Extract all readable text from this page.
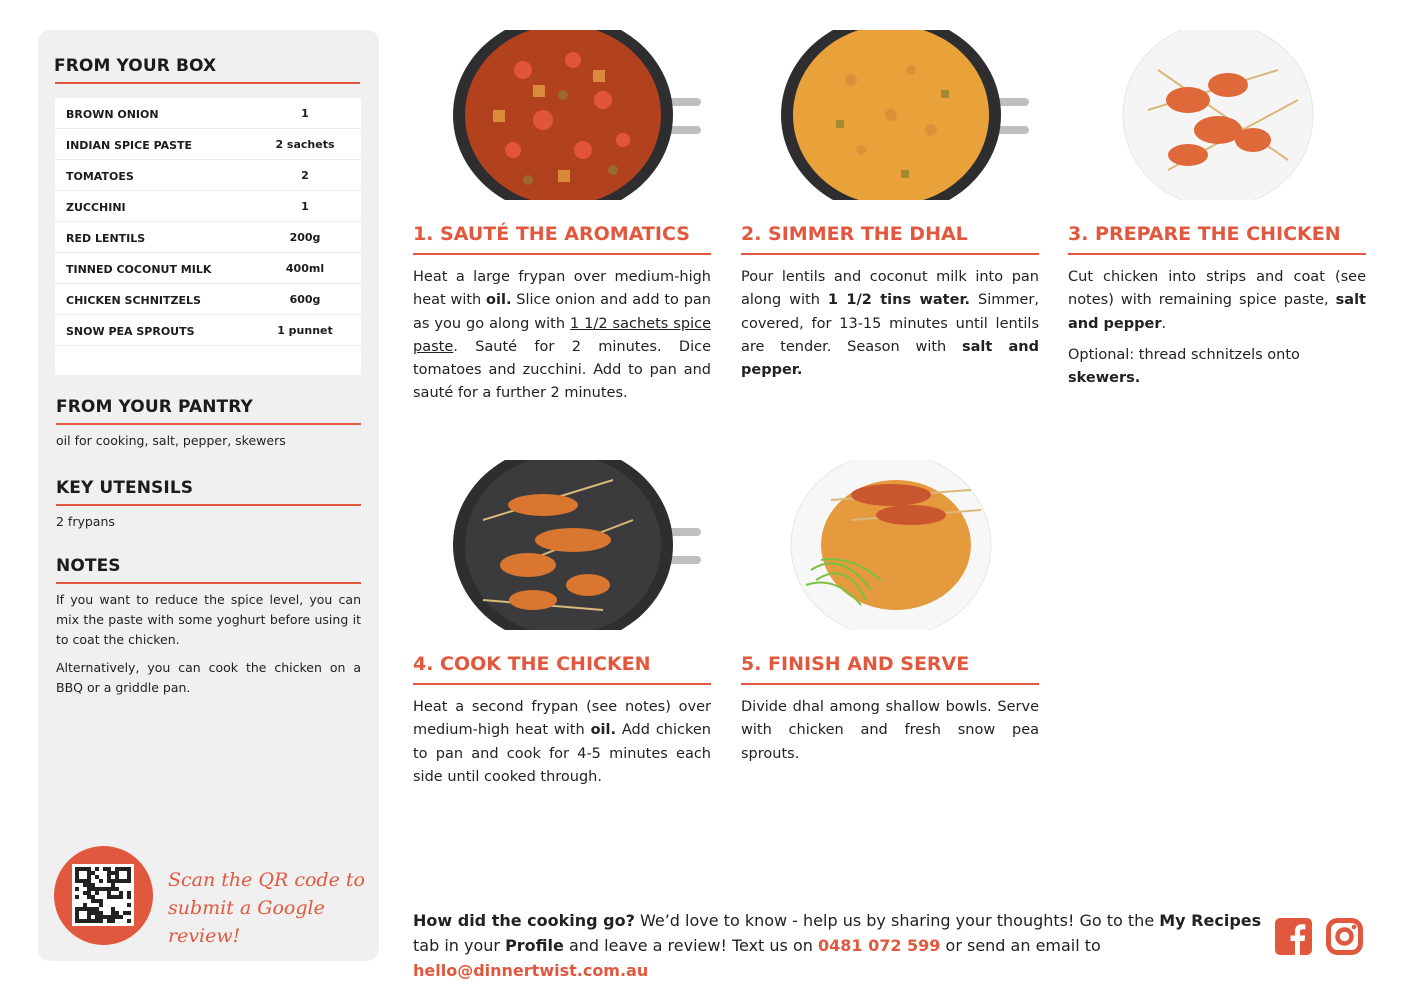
FROM YOUR BOX
BROWN ONION	1
INDIAN SPICE PASTE	2 sachets
TOMATOES	2
ZUCCHINI	1
RED LENTILS	200g
TINNED COCONUT MILK	400ml
CHICKEN SCHNITZELS	600g
SNOW PEA SPROUTS	1 punnet
FROM YOUR PANTRY
oil for cooking, salt, pepper, skewers
KEY UTENSILS
2 frypans
NOTES
If you want to reduce the spice level, you can mix the paste with some yoghurt before using it to coat the chicken.
Alternatively, you can cook the chicken on a BBQ or a griddle pan.
Scan the QR code to
submit a Google review!
1. SAUTÉ THE AROMATICS
Heat a large frypan over medium-high heat with oil. Slice onion and add to pan as you go along with 1 1/2 sachets spice paste. Sauté for 2 minutes. Dice tomatoes and zucchini. Add to pan and sauté for a further 2 minutes.
2. SIMMER THE DHAL
Pour lentils and coconut milk into pan along with 1 1/2 tins water. Simmer, covered, for 13-15 minutes until lentils are tender. Season with salt and pepper.
3. PREPARE THE CHICKEN

Cut chicken into strips and coat (see notes) with remaining spice paste, salt and pepper.

Optional: thread schnitzels onto skewers.

4. COOK THE CHICKEN
Heat a second frypan (see notes) over medium-high heat with oil. Add chicken to pan and cook for 4-5 minutes each side until cooked through.
5. FINISH AND SERVE
Divide dhal among shallow bowls. Serve with chicken and fresh snow pea sprouts.
How did the cooking go? We’d love to know - help us by sharing your thoughts! Go to the My Recipes tab in your Profile and leave a review! Text us on 0481 072 599 or send an email to hello@dinnertwist.com.au
